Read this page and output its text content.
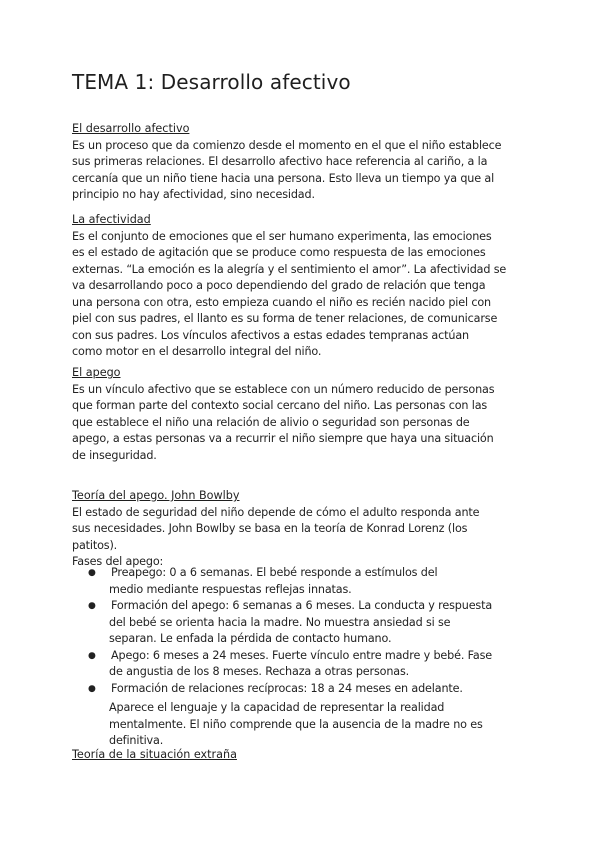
TEMA 1: Desarrollo afectivo

El desarrollo afectivo

Es un proceso que da comienzo desde el momento en el que el niño establece
sus primeras relaciones. El desarrollo afectivo hace referencia al cariño, a la
cercanía que un niño tiene hacia una persona. Esto lleva un tiempo ya que al
principio no hay afectividad, sino necesidad.

La afectividad

Es el conjunto de emociones que el ser humano experimenta, las emociones
es el estado de agitación que se produce como respuesta de las emociones
externas. “La emoción es la alegría y el sentimiento el amor”. La afectividad se
va desarrollando poco a poco dependiendo del grado de relación que tenga
una persona con otra, esto empieza cuando el niño es recién nacido piel con
piel con sus padres, el llanto es su forma de tener relaciones, de comunicarse
con sus padres. Los vínculos afectivos a estas edades tempranas actúan
como motor en el desarrollo integral del niño.

El apego

Es un vínculo afectivo que se establece con un número reducido de personas
que forman parte del contexto social cercano del niño. Las personas con las
que establece el niño una relación de alivio o seguridad son personas de
apego, a estas personas va a recurrir el niño siempre que haya una situación
de inseguridad.

Teoría del apego. John Bowlby

El estado de seguridad del niño depende de cómo el adulto responda ante
sus necesidades. John Bowlby se basa en la teoría de Konrad Lorenz (los
patitos).
Fases del apego:

● Preapego: 0 a 6 semanas. El bebé responde a estímulos del
medio mediante respuestas reflejas innatas.
● Formación del apego: 6 semanas a 6 meses. La conducta y respuesta
del bebé se orienta hacia la madre. No muestra ansiedad si se
separan. Le enfada la pérdida de contacto humano.
● Apego: 6 meses a 24 meses. Fuerte vínculo entre madre y bebé. Fase
de angustia de los 8 meses. Rechaza a otras personas.
● Formación de relaciones recíprocas: 18 a 24 meses en adelante.

Aparece el lenguaje y la capacidad de representar la realidad
mentalmente. El niño comprende que la ausencia de la madre no es
definitiva.

Teoría de la situación extraña
